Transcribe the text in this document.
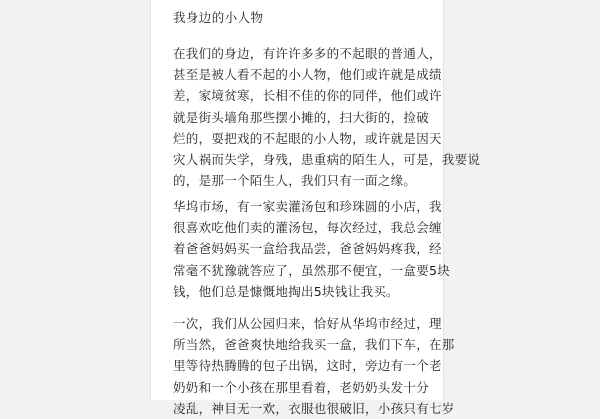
我身边的小人物
在我们的身边，有许许多多的不起眼的普通人，
甚至是被人看不起的小人物，他们或许就是成绩
差，家境贫寒，长相不佳的你的同伴，他们或许
就是街头墙角那些摆小摊的，扫大街的，捡破
烂的，耍把戏的不起眼的小人物，或许就是因天
灾人祸而失学，身残，患重病的陌生人，可是，我要说
的，是那一个陌生人，我们只有一面之缘。
华坞市场，有一家卖灌汤包和珍珠圆的小店，我
很喜欢吃他们卖的灌汤包，每次经过，我总会缠
着爸爸妈妈买一盒给我品尝，爸爸妈妈疼我，经
常毫不犹豫就答应了，虽然那不便宜，一盒要5块
钱，他们总是慷慨地掏出5块钱让我买。
一次，我们从公园归来，恰好从华坞市经过，理
所当然，爸爸爽快地给我买一盒，我们下车，在那
里等待热腾腾的包子出锅，这时，旁边有一个老
奶奶和一个小孩在那里看着，老奶奶头发十分
凌乱，神目无一欢，衣服也很破旧，小孩只有七岁
